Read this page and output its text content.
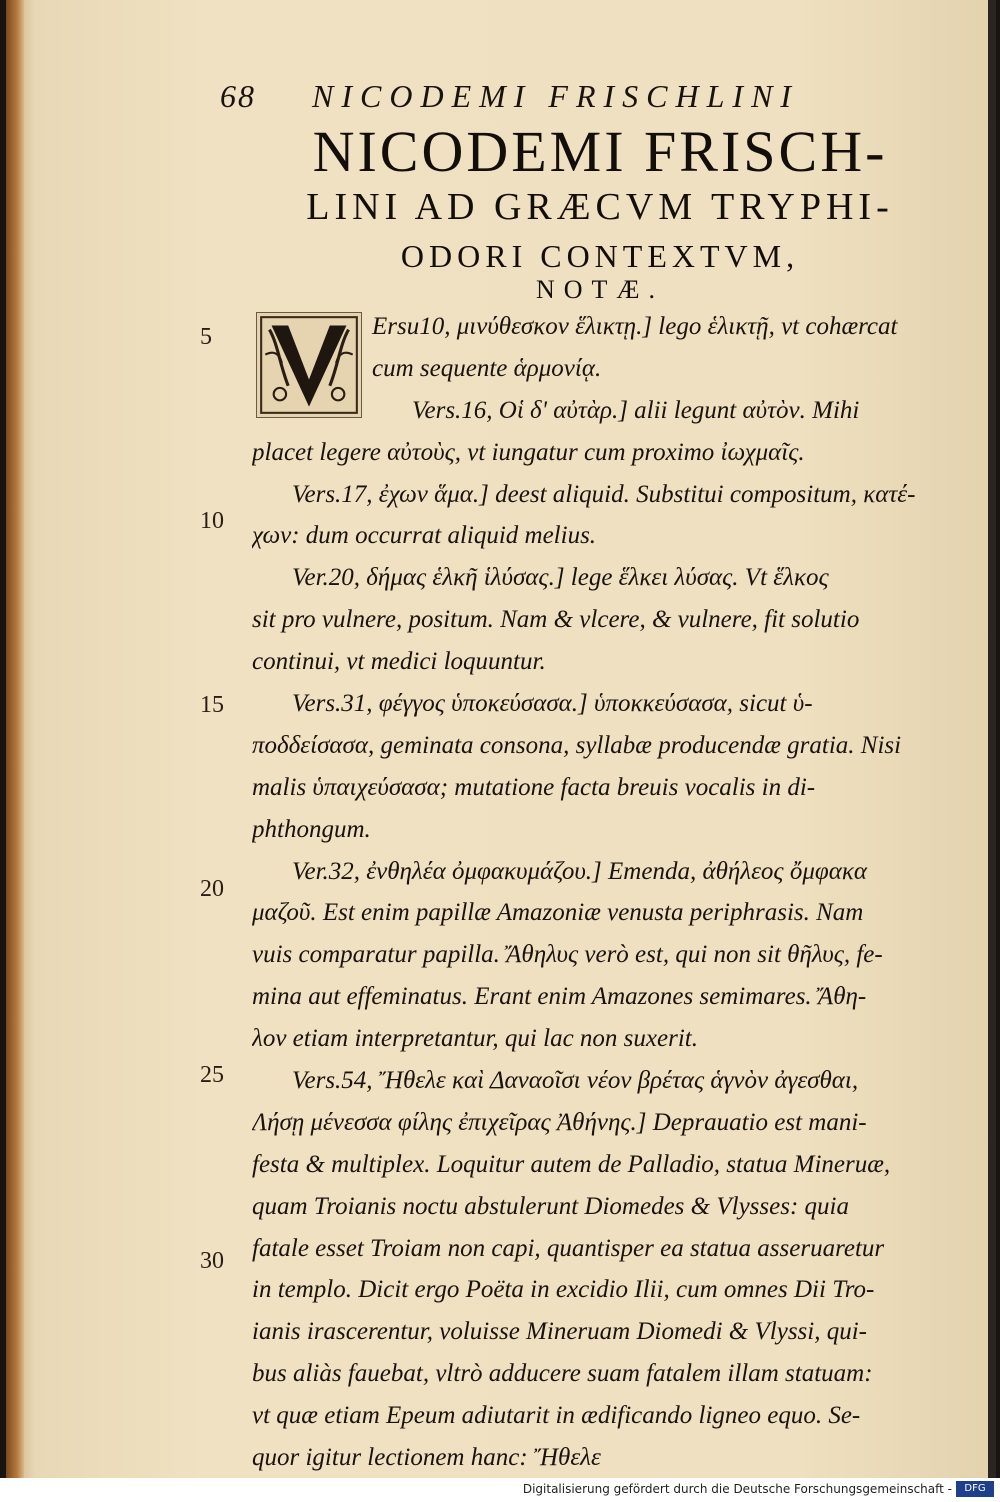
68 NICODEMI FRISCHLINI
NICODEMI FRISCH-
LINI AD GRÆCVM TRYPHI-
ODORI CONTEXTVM,
NOTÆ.
5
10
15
20
25
30
Ersu10, μινύθεσκον ἕλικτῃ.] lego ἑλικτῇ, vt cohærcat
cum sequente ἁρμονίᾳ.
Vers.16, Οἱ δ' αὐτὰρ.] alii legunt αὐτὸν. Mihi
placet legere αὐτοὺς, vt iungatur cum proximo ἰωχμαῖς.
Vers.17, ἐχων ἅμα.] deest aliquid. Substitui compositum, κατέ-
χων: dum occurrat aliquid melius.
Ver.20, δήμας ἑλκῆ ἱλύσας.] lege ἕλκει λύσας. Vt ἕλκος
sit pro vulnere, positum. Nam & vlcere, & vulnere, fit solutio
continui, vt medici loquuntur.
Vers.31, φέγγος ὑποκεύσασα.] ὑποκκεύσασα, sicut ὑ-
ποδδείσασα, geminata consona, syllabæ producendæ gratia. Nisi
malis ὑπαιχεύσασα; mutatione facta breuis vocalis in di-
phthongum.
Ver.32, ἐνθηλέα ὀμφακυμάζου.] Emenda, ἀθήλεος ὄμφακα
μαζοῦ. Est enim papillæ Amazoniæ venusta periphrasis. Nam
vuis comparatur papilla. Ἄθηλυς verò est, qui non sit θῆλυς, fe-
mina aut effeminatus. Erant enim Amazones semimares. Ἄθη-
λον etiam interpretantur, qui lac non suxerit.
Vers.54, Ἤθελε καὶ Δαναοῖσι νέον βρέτας ἁγνὸν ἀγεσθαι,
Λήσῃ μένεσσα φίλης ἐπιχεῖρας Ἀθήνης.] Deprauatio est mani-
festa & multiplex. Loquitur autem de Palladio, statua Mineruæ,
quam Troianis noctu abstulerunt Diomedes & Vlysses: quia
fatale esset Troiam non capi, quantisper ea statua asseruaretur
in templo. Dicit ergo Poëta in excidio Ilii, cum omnes Dii Tro-
ianis irascerentur, voluisse Mineruam Diomedi & Vlyssi, qui-
bus aliàs fauebat, vltrò adducere suam fatalem illam statuam:
vt quæ etiam Epeum adiutarit in ædificando ligneo equo. Se-
quor igitur lectionem hanc: Ἤθελε
Digitalisierung gefördert durch die Deutsche Forschungsgemeinschaft -	DFG
